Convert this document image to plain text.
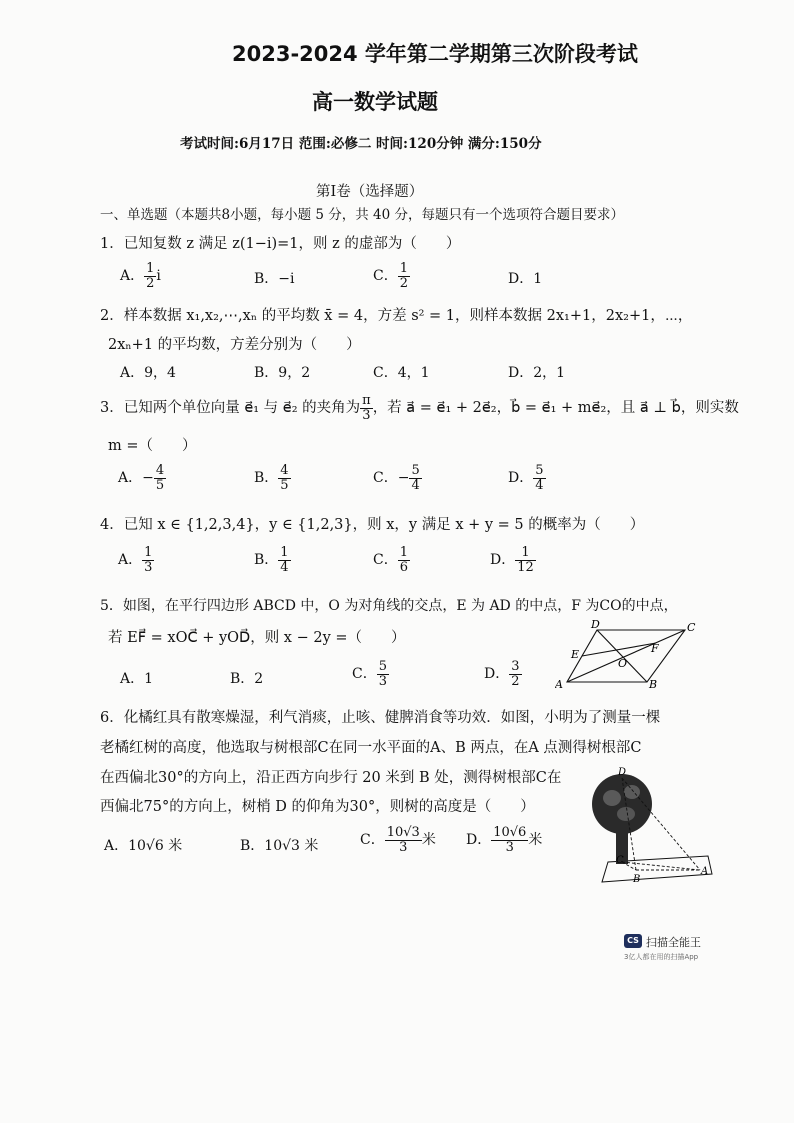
2023-2024 学年第二学期第三次阶段考试
高一数学试题
考试时间:6月17日 范围:必修二 时间:120分钟 满分:150分
第Ⅰ卷（选择题）
一、单选题（本题共8小题，每小题 5 分，共 40 分，每题只有一个选项符合题目要求）
1．已知复数 z 满足 z(1−i)=1，则 z 的虚部为（　　）
A． $\frac{1}{2}$ i	B．−i	C． $\frac{1}{2}$	D．1
2．样本数据 x₁,x₂,⋯,xₙ 的平均数 x̄ = 4，方差 s² = 1，则样本数据 2x₁+1，2x₂+1，⋯，
2xₙ+1 的平均数，方差分别为（　　）
A．9，4	B．9，2	C．4，1	D．2，1
3．已知两个单位向量 e⃗₁ 与 e⃗₂ 的夹角为 $\frac{\pi}{3}$ ，若 a⃗ = e⃗₁ + 2e⃗₂，b⃗ = e⃗₁ + me⃗₂，且 a⃗ ⊥ b⃗，则实数
m =（　　）
A．− $\frac{4}{5}$	B． $\frac{4}{5}$	C．− $\frac{5}{4}$	D． $\frac{5}{4}$
4．已知 x ∈ {1,2,3,4}，y ∈ {1,2,3}，则 x，y 满足 x + y = 5 的概率为（　　）
A． $\frac{1}{3}$	B． $\frac{1}{4}$	C． $\frac{1}{6}$	D． $\frac{1}{12}$
5．如图，在平行四边形 ABCD 中，O 为对角线的交点，E 为 AD 的中点，F 为CO的中点，
若 EF⃗ = xOC⃗ + yOD⃗，则 x − 2y =（　　）
A．1	B．2	C． $\frac{5}{3}$	D． $\frac{3}{2}$	A	B
C
D
E	F
O
6．化橘红具有散寒燥湿，利气消痰，止咳、健脾消食等功效．如图，小明为了测量一棵
老橘红树的高度，他选取与树根部C在同一水平面的A、B 两点，在A 点测得树根部C
在西偏北30°的方向上，沿正西方向步行 20 米到 B 处，测得树根部C在
西偏北75°的方向上，树梢 D 的仰角为30°，则树的高度是（　　）
A．10√6 米	B．10√3 米	C． $\frac{10√3}{3}$ 米 D． $\frac{10√6}{3}$ 米
D
C
B
A
CS 扫描全能王
3亿人都在用的扫描App
